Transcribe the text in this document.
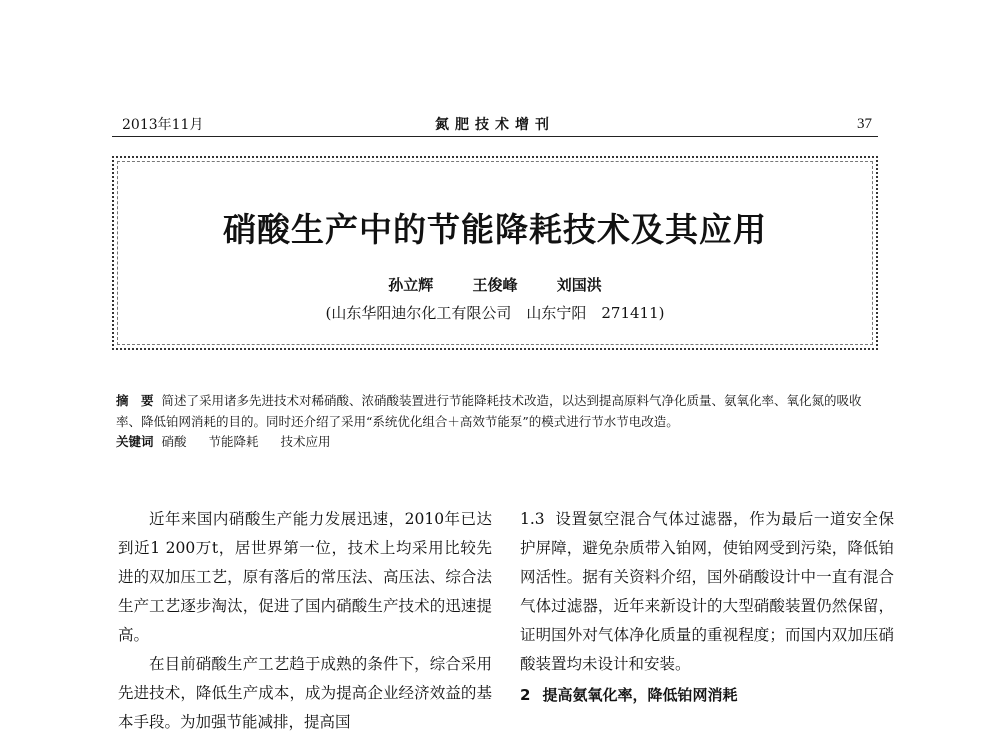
2013年11月	氮肥技术增刊	37
硝酸生产中的节能降耗技术及其应用
孙立辉	王俊峰	刘国洪
(山东华阳迪尔化工有限公司　山东宁阳　271411)
摘　要 简述了采用诸多先进技术对稀硝酸、浓硝酸装置进行节能降耗技术改造，以达到提高原料气净化质量、氨氧化率、氧化氮的吸收率、降低铂网消耗的目的。同时还介绍了采用“系统优化组合＋高效节能泵”的模式进行节水节电改造。
关键词 硝酸 节能降耗 技术应用

近年来国内硝酸生产能力发展迅速，2010年已达到近1 200万t，居世界第一位，技术上均采用比较先进的双加压工艺，原有落后的常压法、高压法、综合法生产工艺逐步淘汰，促进了国内硝酸生产技术的迅速提高。

在目前硝酸生产工艺趋于成熟的条件下，综合采用先进技术，降低生产成本，成为提高企业经济效益的基本手段。为加强节能减排，提高国

1.3 设置氨空混合气体过滤器，作为最后一道安全保护屏障，避免杂质带入铂网，使铂网受到污染，降低铂网活性。据有关资料介绍，国外硝酸设计中一直有混合气体过滤器，近年来新设计的大型硝酸装置仍然保留，证明国外对气体净化质量的重视程度；而国内双加压硝酸装置均未设计和安装。

2 提高氨氧化率，降低铂网消耗
